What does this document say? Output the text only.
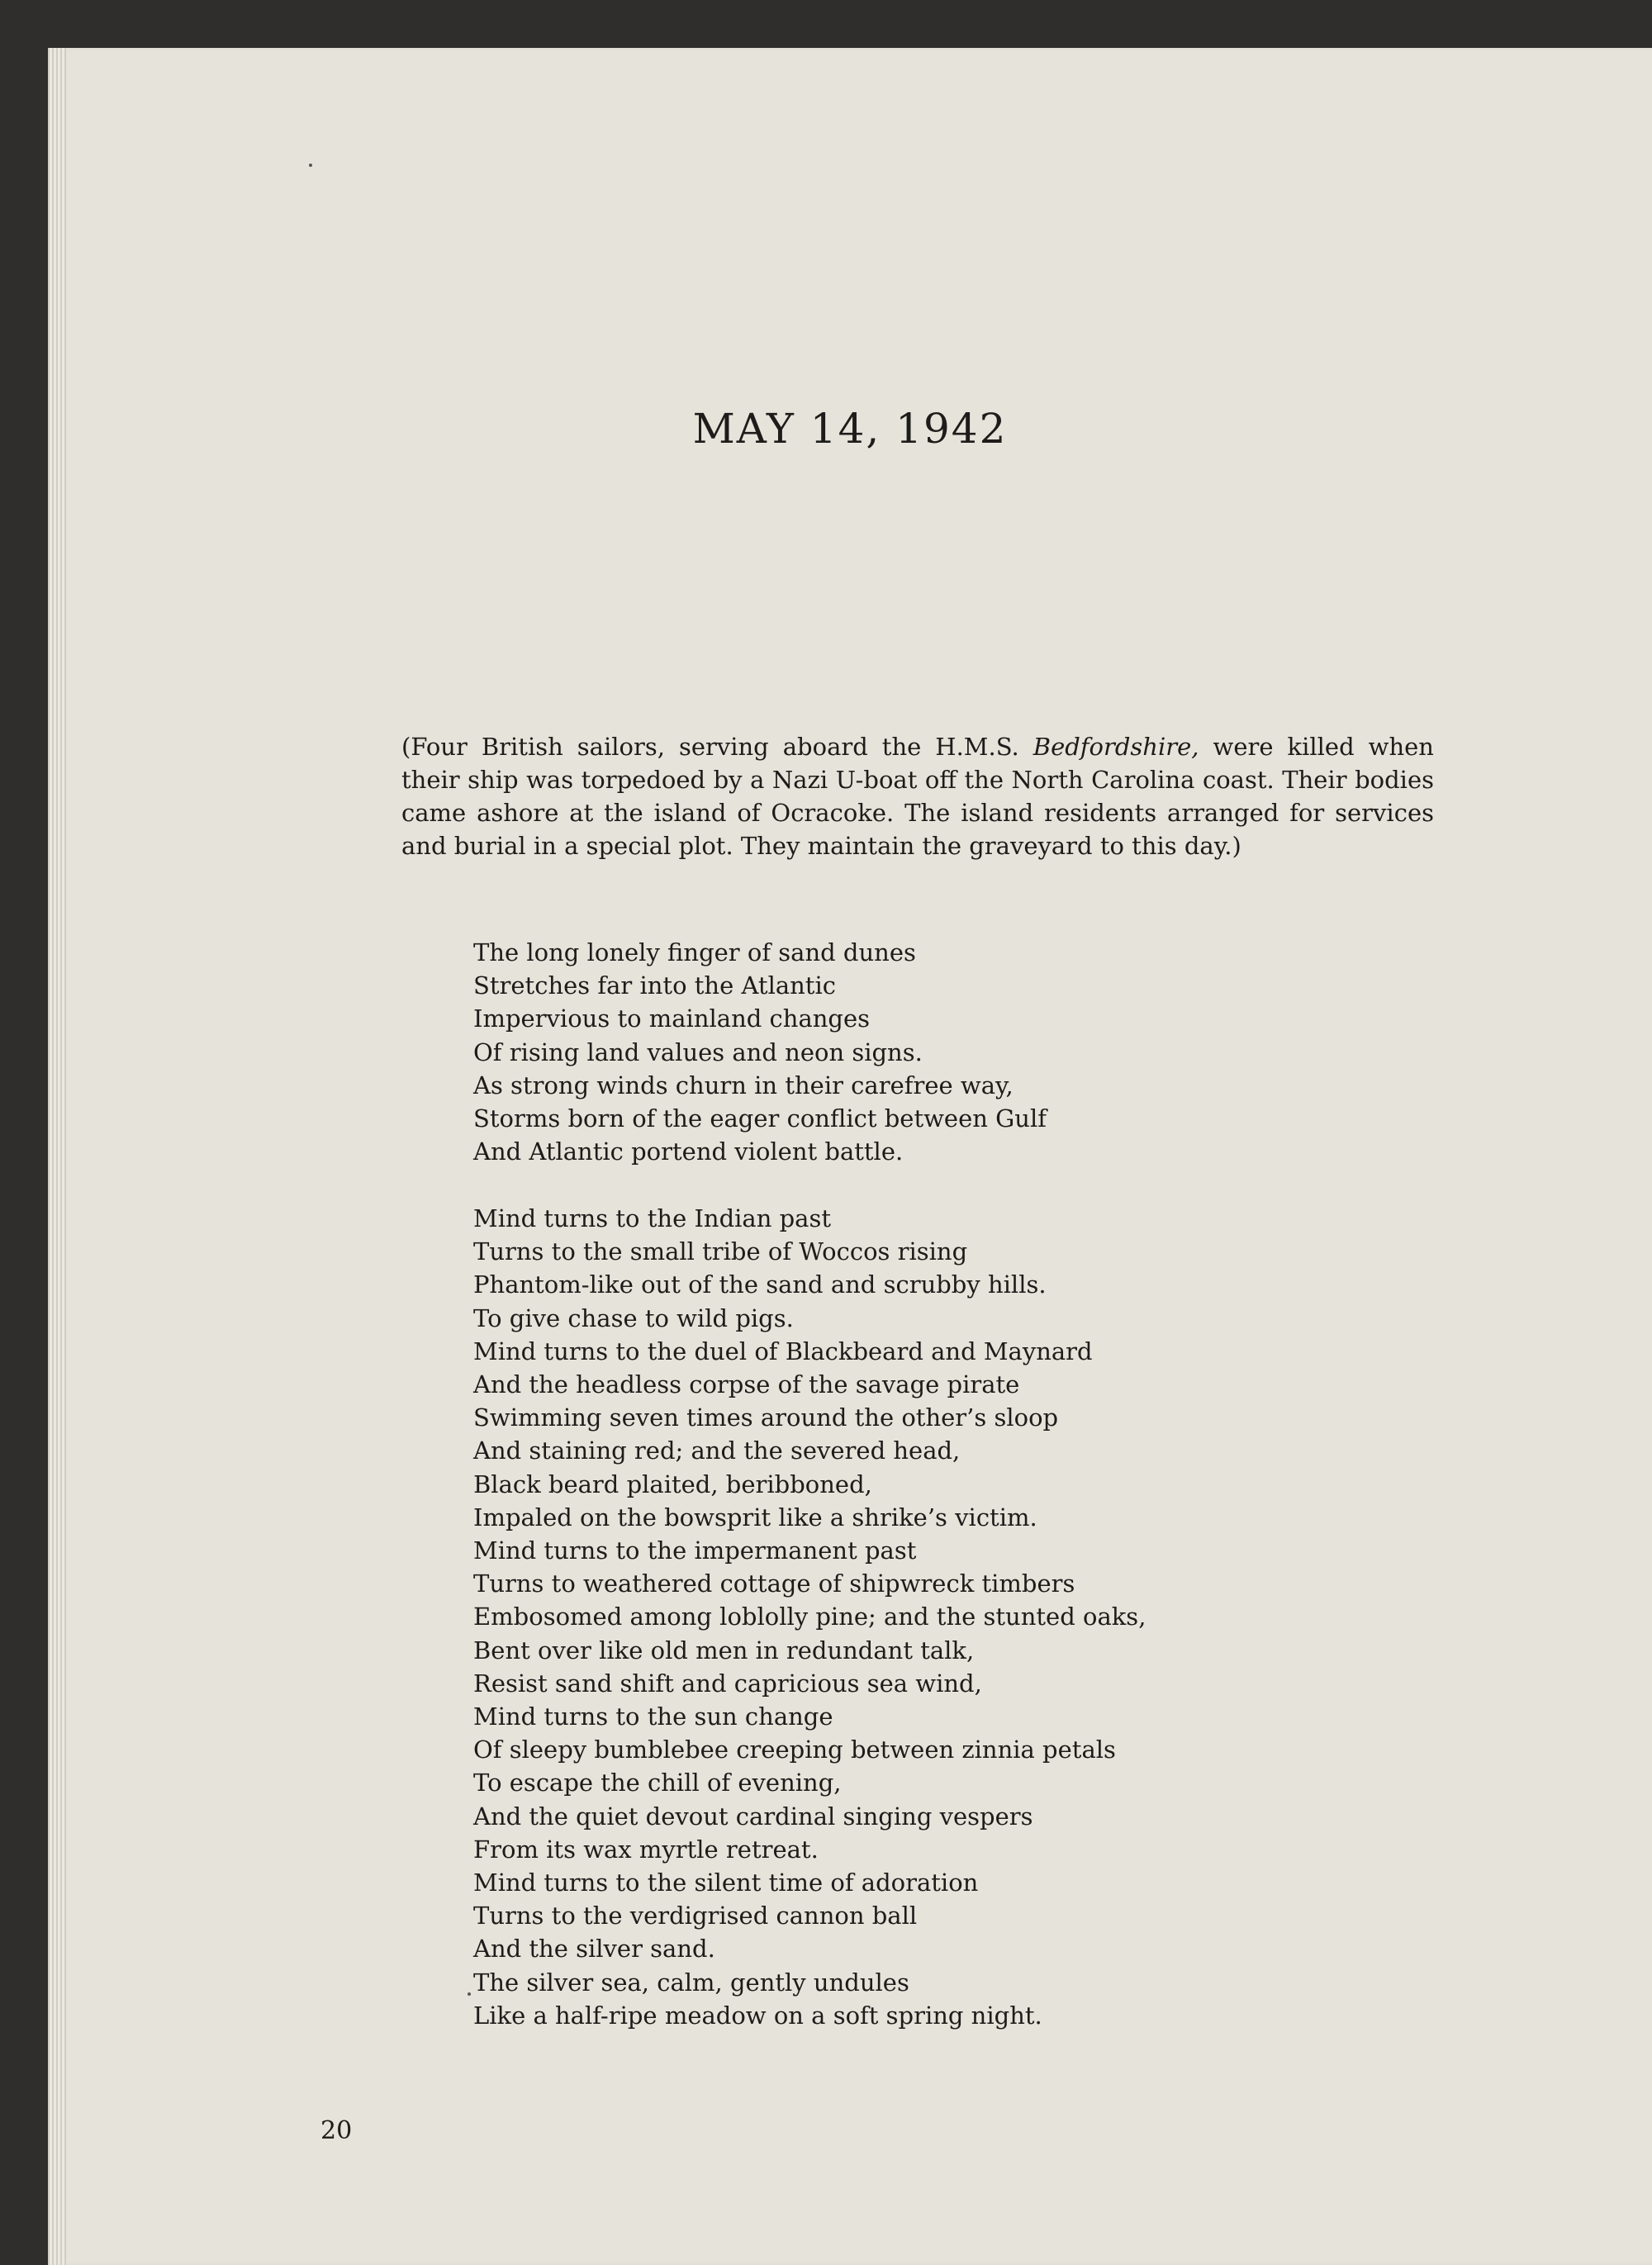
MAY 14, 1942

(Four British sailors, serving aboard the H.M.S. Bedfordshire, were killed when their ship was torpedoed by a Nazi U-boat off the North Carolina coast. Their bodies came ashore at the island of Ocracoke. The island residents arranged for services and burial in a special plot. They maintain the graveyard to this day.)

The long lonely finger of sand dunes
Stretches far into the Atlantic
Impervious to mainland changes
Of rising land values and neon signs.
As strong winds churn in their carefree way,
Storms born of the eager conflict between Gulf
And Atlantic portend violent battle.
Mind turns to the Indian past
Turns to the small tribe of Woccos rising
Phantom-like out of the sand and scrubby hills.
To give chase to wild pigs.
Mind turns to the duel of Blackbeard and Maynard
And the headless corpse of the savage pirate
Swimming seven times around the other’s sloop
And staining red; and the severed head,
Black beard plaited, beribboned,
Impaled on the bowsprit like a shrike’s victim.
Mind turns to the impermanent past
Turns to weathered cottage of shipwreck timbers
Embosomed among loblolly pine; and the stunted oaks,
Bent over like old men in redundant talk,
Resist sand shift and capricious sea wind,
Mind turns to the sun change
Of sleepy bumblebee creeping between zinnia petals
To escape the chill of evening,
And the quiet devout cardinal singing vespers
From its wax myrtle retreat.
Mind turns to the silent time of adoration
Turns to the verdigrised cannon ball
And the silver sand.
The silver sea, calm, gently undules
Like a half-ripe meadow on a soft spring night.
20
